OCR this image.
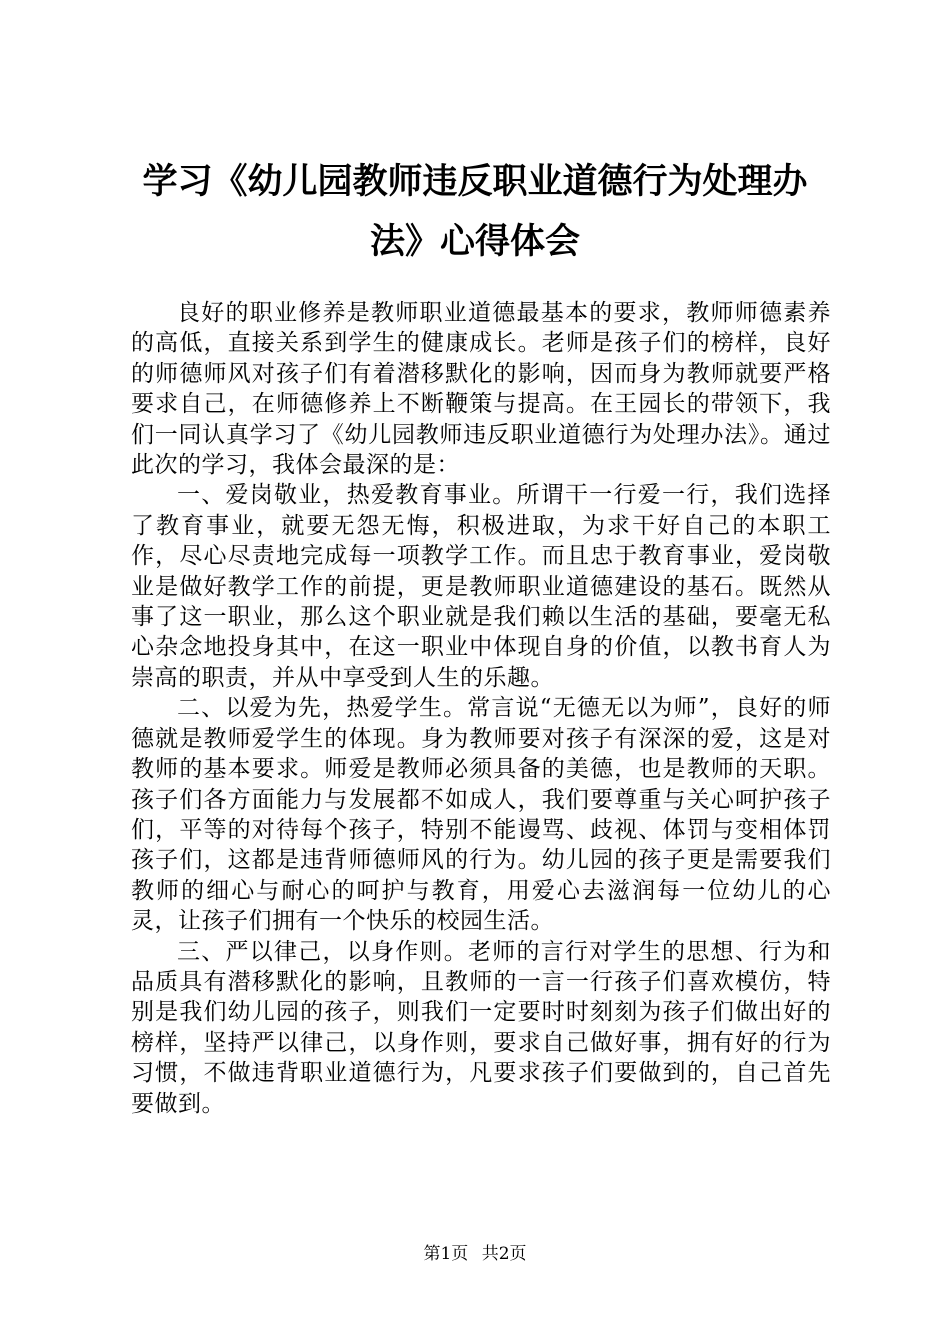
学习《幼儿园教师违反职业道德行为处理办
法》心得体会

良好的职业修养是教师职业道德最基本的要求，教师师德素养的高低，直接关系到学生的健康成长。老师是孩子们的榜样，良好的师德师风对孩子们有着潜移默化的影响，因而身为教师就要严格要求自己，在师德修养上不断鞭策与提高。在王园长的带领下，我们一同认真学习了《幼儿园教师违反职业道德行为处理办法》。通过此次的学习，我体会最深的是：

一、爱岗敬业，热爱教育事业。所谓干一行爱一行，我们选择了教育事业，就要无怨无悔，积极进取，为求干好自己的本职工作，尽心尽责地完成每一项教学工作。而且忠于教育事业，爱岗敬业是做好教学工作的前提，更是教师职业道德建设的基石。既然从事了这一职业，那么这个职业就是我们赖以生活的基础，要毫无私心杂念地投身其中，在这一职业中体现自身的价值，以教书育人为崇高的职责，并从中享受到人生的乐趣。

二、以爱为先，热爱学生。常言说“无德无以为师”，良好的师德就是教师爱学生的体现。身为教师要对孩子有深深的爱，这是对教师的基本要求。师爱是教师必须具备的美德，也是教师的天职。孩子们各方面能力与发展都不如成人，我们要尊重与关心呵护孩子们，平等的对待每个孩子，特别不能谩骂、歧视、体罚与变相体罚孩子们，这都是违背师德师风的行为。幼儿园的孩子更是需要我们教师的细心与耐心的呵护与教育，用爱心去滋润每一位幼儿的心灵，让孩子们拥有一个快乐的校园生活。

三、严以律己，以身作则。老师的言行对学生的思想、行为和品质具有潜移默化的影响，且教师的一言一行孩子们喜欢模仿，特别是我们幼儿园的孩子，则我们一定要时时刻刻为孩子们做出好的榜样，坚持严以律己，以身作则，要求自己做好事，拥有好的行为习惯，不做违背职业道德行为，凡要求孩子们要做到的，自己首先要做到。

第1页 共2页
